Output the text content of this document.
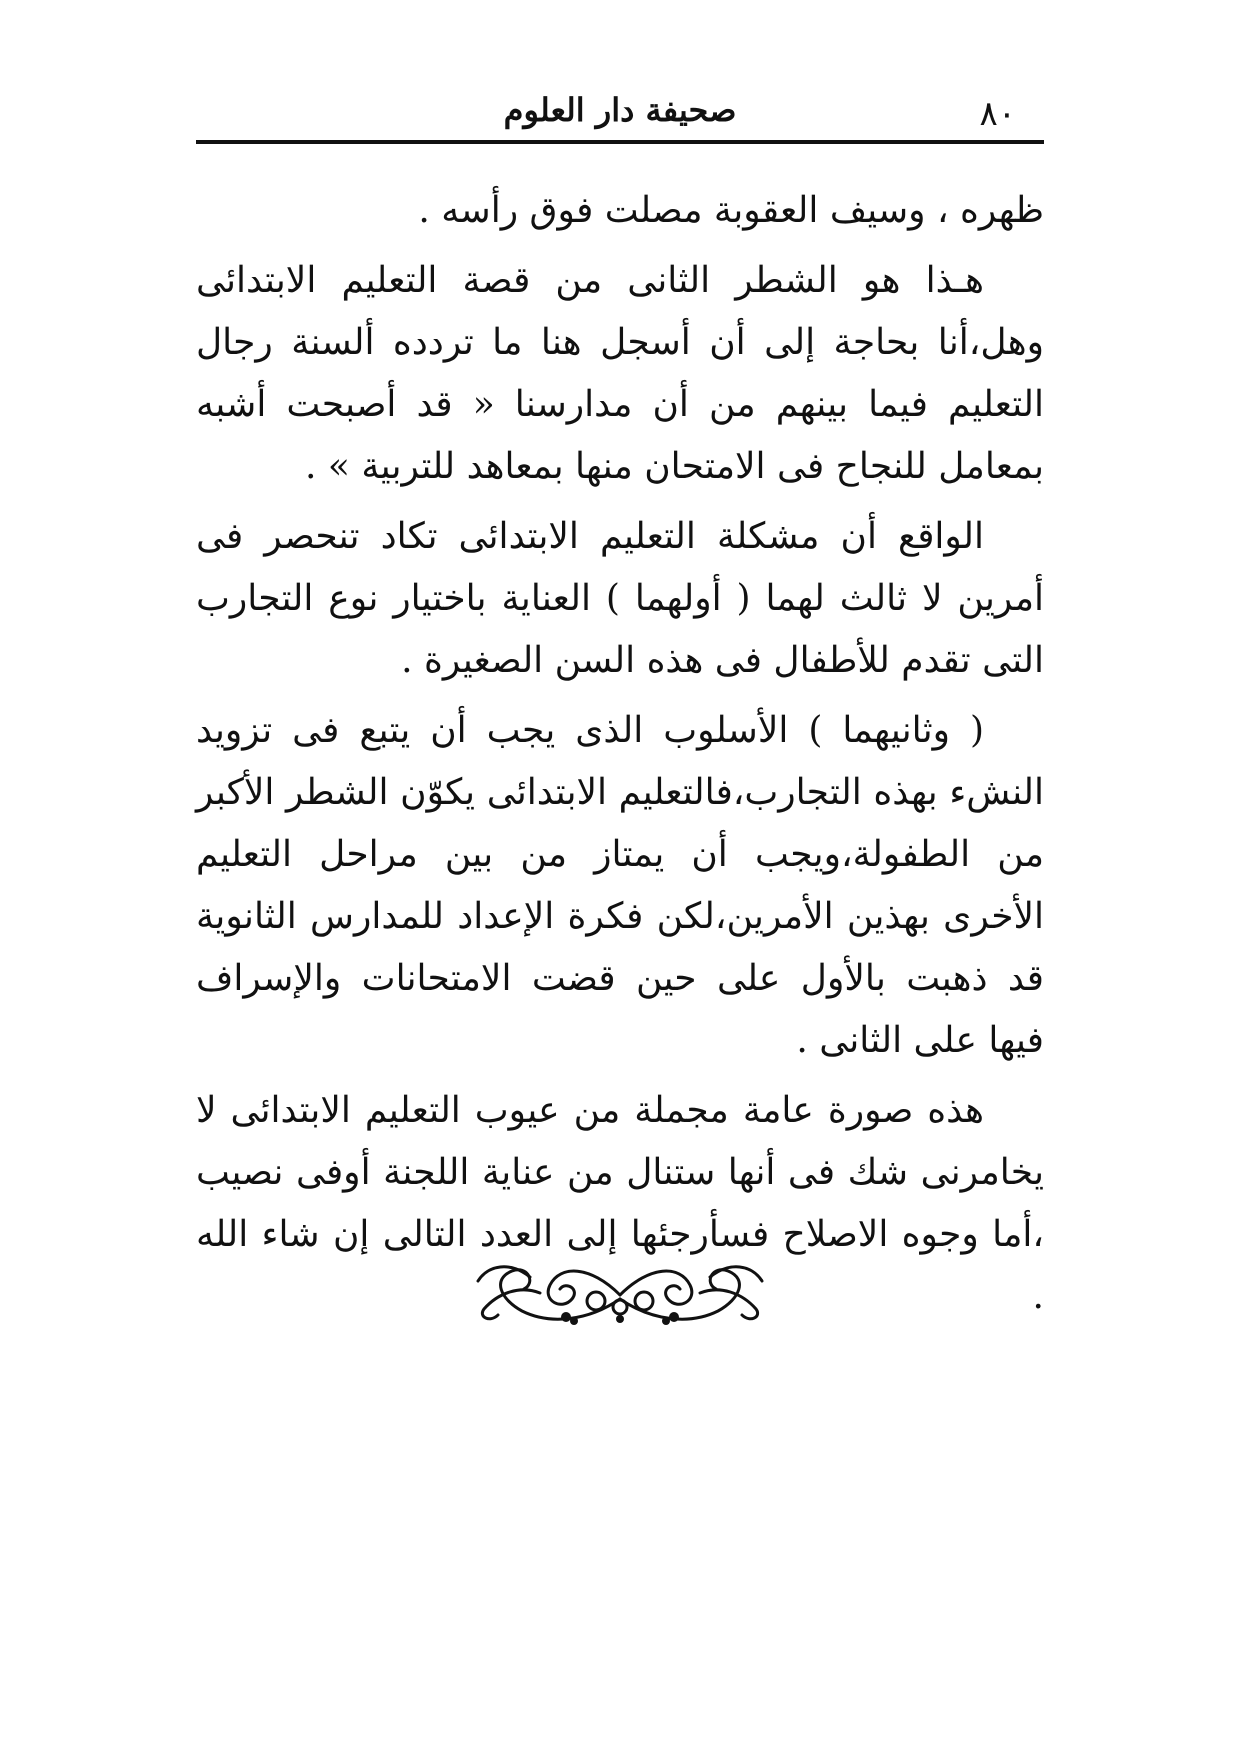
صحيفة دار العلوم	٨٠

ظهره ، وسيف العقوبة مصلت فوق رأسه .

هـذا هو الشطر الثانى من قصة التعليم الابتدائى وهل،أنا بحاجة إلى أن أسجل هنا ما تردده ألسنة رجال التعليم فيما بينهم من أن مدارسنا « قد أصبحت أشبه بمعامل للنجاح فى الامتحان منها بمعاهد للتربية » .

الواقع أن مشكلة التعليم الابتدائى تكاد تنحصر فى أمرين لا ثالث لهما ( أولهما ) العناية باختيار نوع التجارب التى تقدم للأطفال فى هذه السن الصغيرة .

( وثانيهما ) الأسلوب الذى يجب أن يتبع فى تزويد النشء بهذه التجارب،فالتعليم الابتدائى يكوّن الشطر الأكبر من الطفولة،ويجب أن يمتاز من بين مراحل التعليم الأخرى بهذين الأمرين،لكن فكرة الإعداد للمدارس الثانوية قد ذهبت بالأول على حين قضت الامتحانات والإسراف فيها على الثانى .

هذه صورة عامة مجملة من عيوب التعليم الابتدائى لا يخامرنى شك فى أنها ستنال من عناية اللجنة أوفى نصيب ،أما وجوه الاصلاح فسأرجئها إلى العدد التالى إن شاء الله .
